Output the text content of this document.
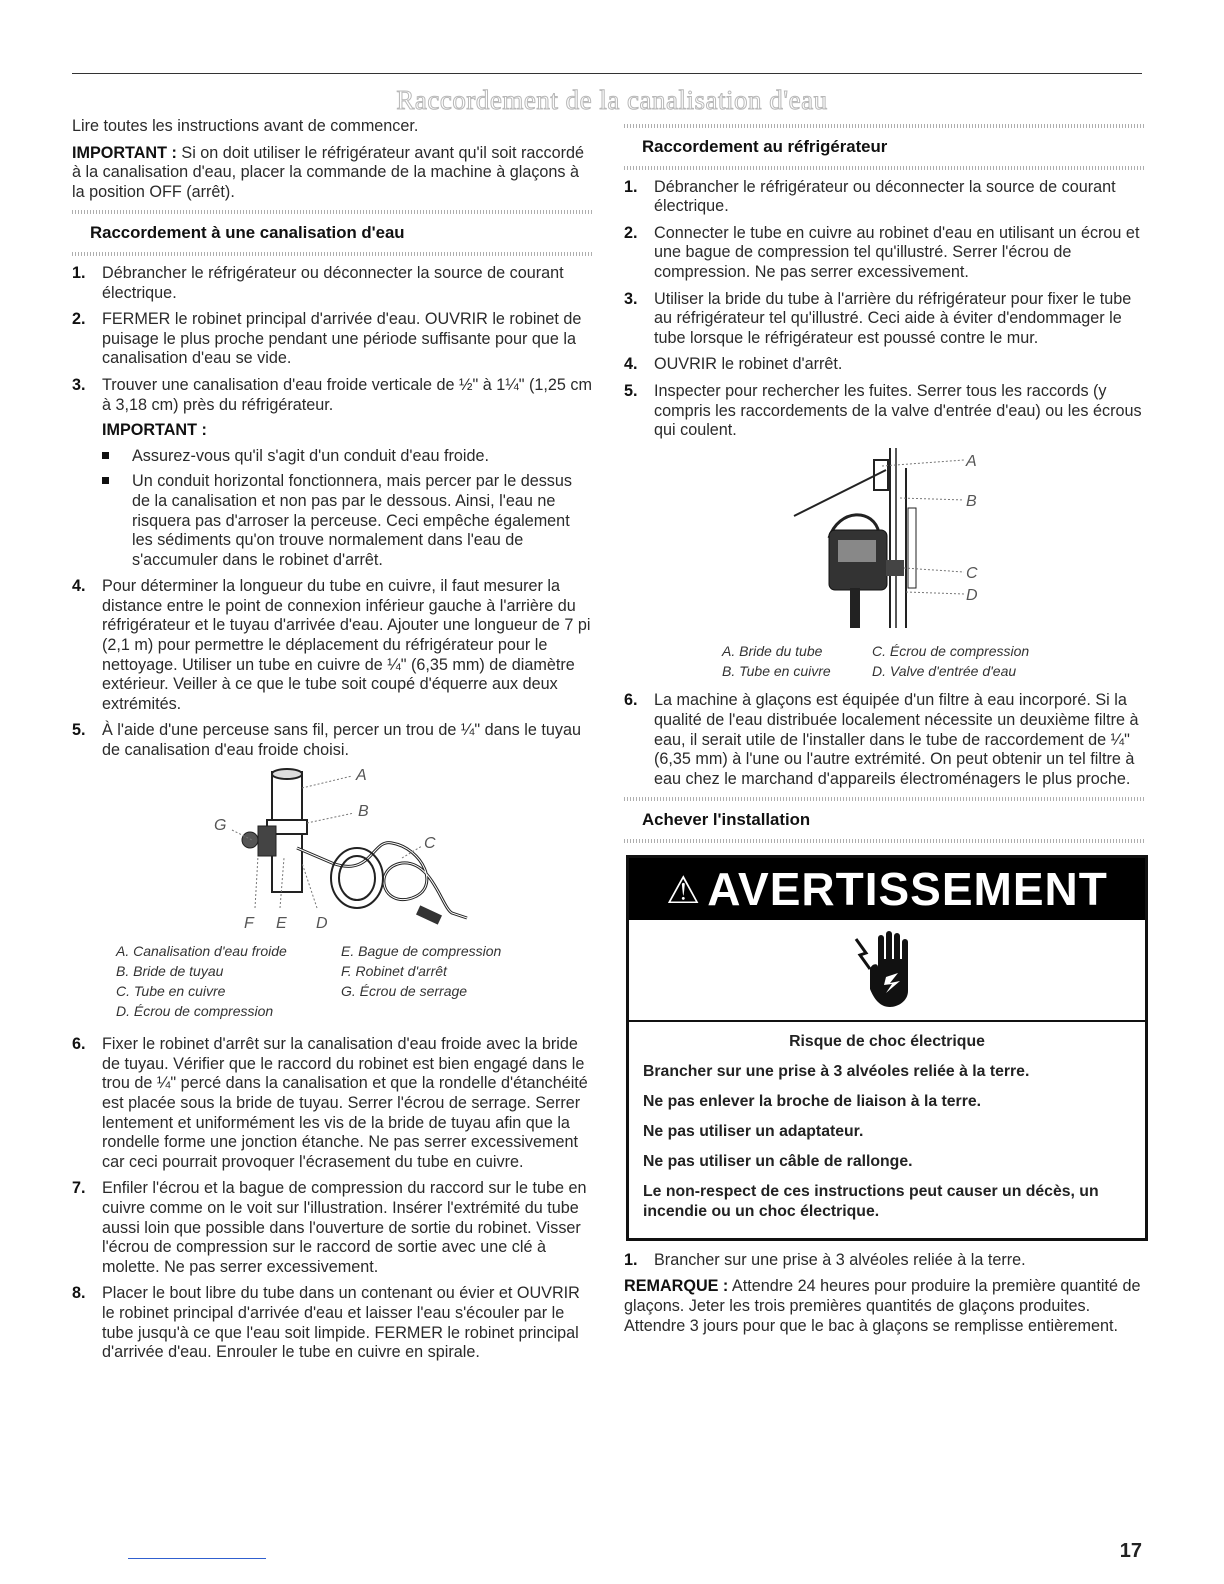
Raccordement de la canalisation d'eau

Lire toutes les instructions avant de commencer.

IMPORTANT : Si on doit utiliser le réfrigérateur avant qu'il soit raccordé à la canalisation d'eau, placer la commande de la machine à glaçons à la position OFF (arrêt).

Raccordement à une canalisation d'eau
1. Débrancher le réfrigérateur ou déconnecter la source de courant électrique.
2. FERMER le robinet principal d'arrivée d'eau. OUVRIR le robinet de puisage le plus proche pendant une période suffisante pour que la canalisation d'eau se vide.
3. Trouver une canalisation d'eau froide verticale de ½" à 1¼" (1,25 cm à 3,18 cm) près du réfrigérateur.
IMPORTANT :
Assurez-vous qu'il s'agit d'un conduit d'eau froide.
Un conduit horizontal fonctionnera, mais percer par le dessus de la canalisation et non pas par le dessous. Ainsi, l'eau ne risquera pas d'arroser la perceuse. Ceci empêche également les sédiments qu'on trouve normalement dans l'eau de s'accumuler dans le robinet d'arrêt.
4. Pour déterminer la longueur du tube en cuivre, il faut mesurer la distance entre le point de connexion inférieur gauche à l'arrière du réfrigérateur et le tuyau d'arrivée d'eau. Ajouter une longueur de 7 pi (2,1 m) pour permettre le déplacement du réfrigérateur pour le nettoyage. Utiliser un tube en cuivre de ¼" (6,35 mm) de diamètre extérieur. Veiller à ce que le tube soit coupé d'équerre aux deux extrémités.
5. À l'aide d'une perceuse sans fil, percer un trou de ¼" dans le tuyau de canalisation d'eau froide choisi.
A
B
C
G
F E D
A. Canalisation d'eau froide
B. Bride de tuyau
C. Tube en cuivre
D. Écrou de compression
E. Bague de compression
F. Robinet d'arrêt
G. Écrou de serrage
6. Fixer le robinet d'arrêt sur la canalisation d'eau froide avec la bride de tuyau. Vérifier que le raccord du robinet est bien engagé dans le trou de ¼" percé dans la canalisation et que la rondelle d'étanchéité est placée sous la bride de tuyau. Serrer l'écrou de serrage. Serrer lentement et uniformément les vis de la bride de tuyau afin que la rondelle forme une jonction étanche. Ne pas serrer excessivement car ceci pourrait provoquer l'écrasement du tube en cuivre.
7. Enfiler l'écrou et la bague de compression du raccord sur le tube en cuivre comme on le voit sur l'illustration. Insérer l'extrémité du tube aussi loin que possible dans l'ouverture de sortie du robinet. Visser l'écrou de compression sur le raccord de sortie avec une clé à molette. Ne pas serrer excessivement.
8. Placer le bout libre du tube dans un contenant ou évier et OUVRIR le robinet principal d'arrivée d'eau et laisser l'eau s'écouler par le tube jusqu'à ce que l'eau soit limpide. FERMER le robinet principal d'arrivée d'eau. Enrouler le tube en cuivre en spirale.
Raccordement au réfrigérateur
1. Débrancher le réfrigérateur ou déconnecter la source de courant électrique.
2. Connecter le tube en cuivre au robinet d'eau en utilisant un écrou et une bague de compression tel qu'illustré. Serrer l'écrou de compression. Ne pas serrer excessivement.
3. Utiliser la bride du tube à l'arrière du réfrigérateur pour fixer le tube au réfrigérateur tel qu'illustré. Ceci aide à éviter d'endommager le tube lorsque le réfrigérateur est poussé contre le mur.
4. OUVRIR le robinet d'arrêt.
5. Inspecter pour rechercher les fuites. Serrer tous les raccords (y compris les raccordements de la valve d'entrée d'eau) ou les écrous qui coulent.
A
B
C
D
A. Bride du tube
B. Tube en cuivre
C. Écrou de compression
D. Valve d'entrée d'eau
6. La machine à glaçons est équipée d'un filtre à eau incorporé. Si la qualité de l'eau distribuée localement nécessite un deuxième filtre à eau, il serait utile de l'installer dans le tube de raccordement de ¼" (6,35 mm) à l'une ou l'autre extrémité. On peut obtenir un tel filtre à eau chez le marchand d'appareils électroménagers le plus proche.
Achever l'installation
⚠ AVERTISSEMENT
Risque de choc électrique

Brancher sur une prise à 3 alvéoles reliée à la terre.

Ne pas enlever la broche de liaison à la terre.

Ne pas utiliser un adaptateur.

Ne pas utiliser un câble de rallonge.

Le non-respect de ces instructions peut causer un décès, un incendie ou un choc électrique.

1. Brancher sur une prise à 3 alvéoles reliée à la terre.

REMARQUE : Attendre 24 heures pour produire la première quantité de glaçons. Jeter les trois premières quantités de glaçons produites. Attendre 3 jours pour que le bac à glaçons se remplisse entièrement.

17
